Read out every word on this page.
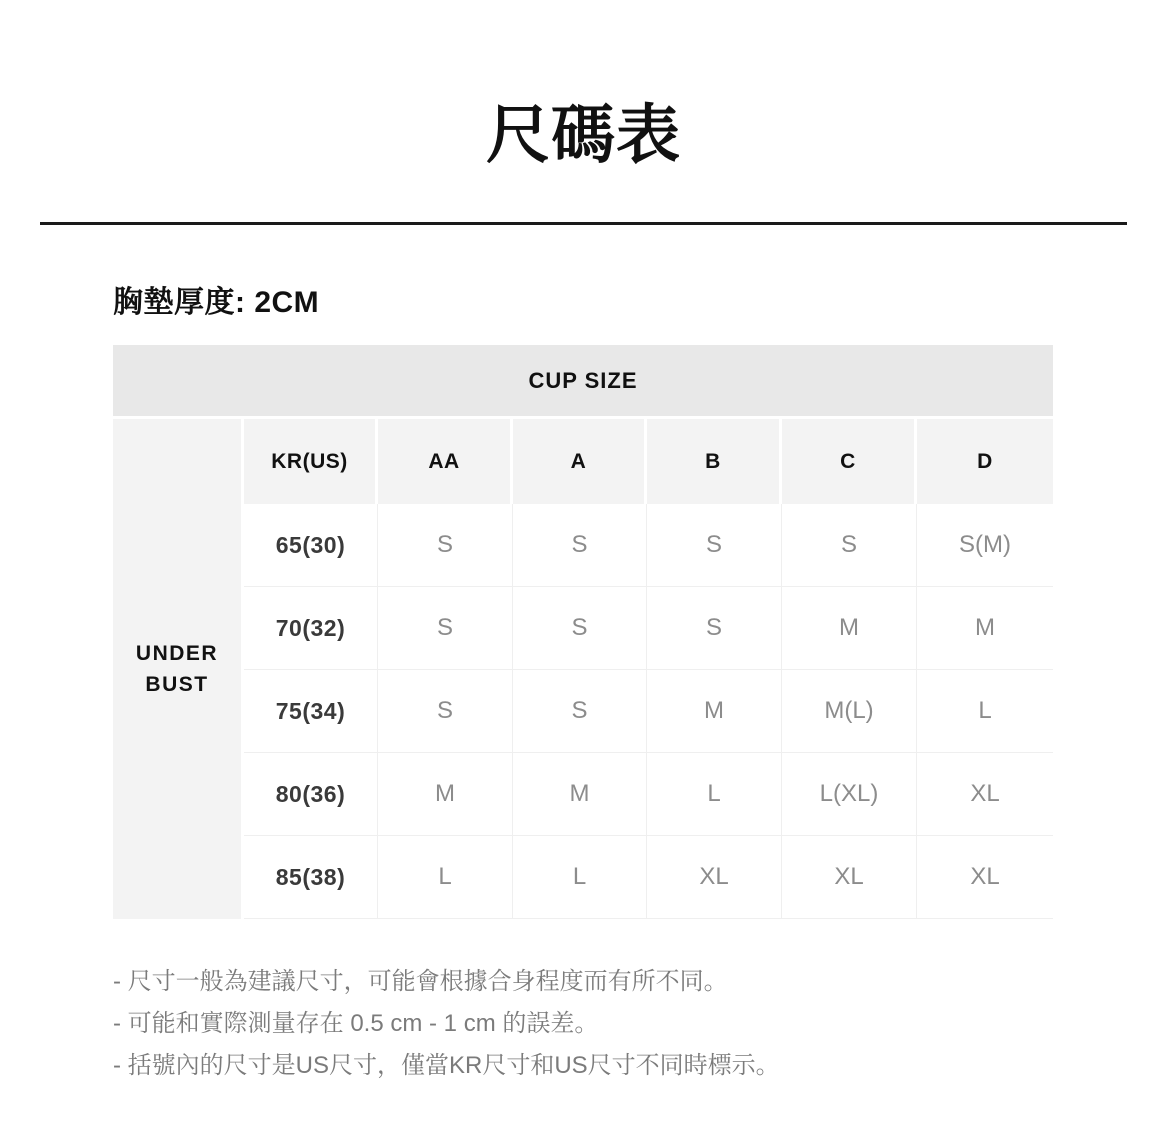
尺碼表
胸墊厚度: 2CM
CUP SIZE						

UNDER
BUST	KR(US)	AA	A	B	C	D
	65(30)	S	S	S	S	S(M)
	70(32)	S	S	S	M	M
	75(34)	S	S	M	M(L)	L
	80(36)	M	M	L	L(XL)	XL
	85(38)	L	L	XL	XL	XL
- 尺寸一般為建議尺寸，可能會根據合身程度而有所不同。
- 可能和實際測量存在 0.5 cm - 1 cm 的誤差。
- 括號內的尺寸是US尺寸，僅當KR尺寸和US尺寸不同時標示。
